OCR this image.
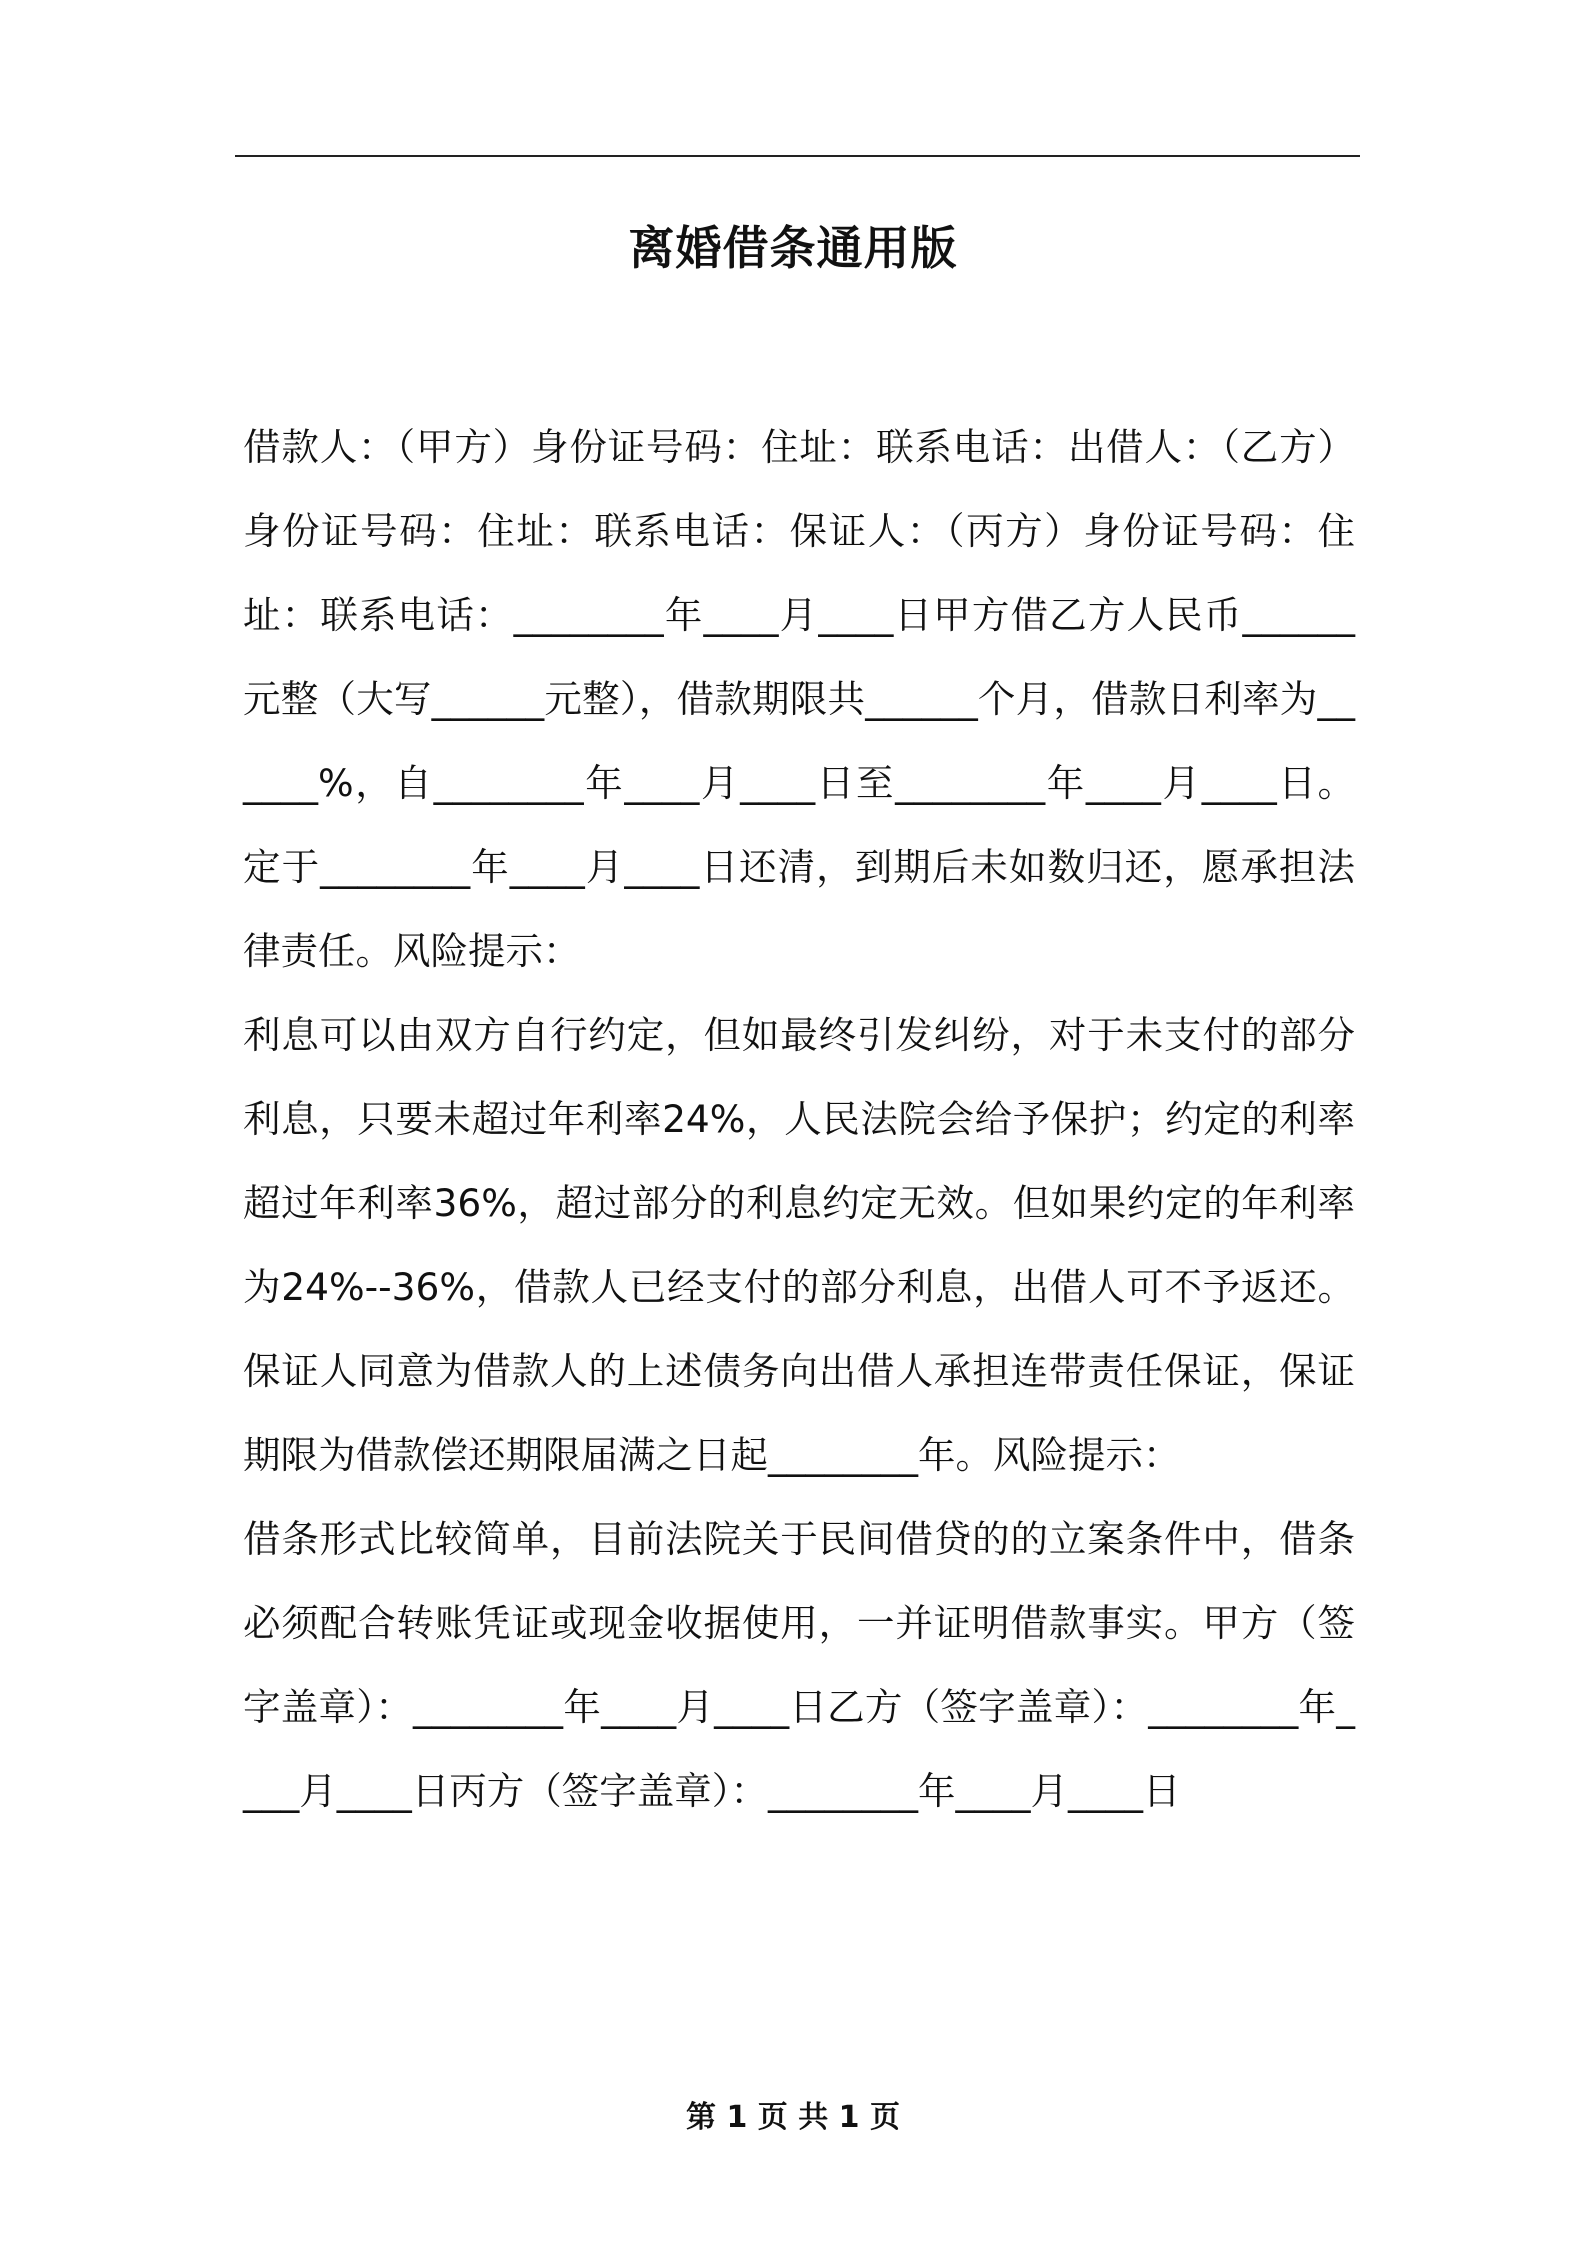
离婚借条通用版

借款人：（甲方）身份证号码：住址：联系电话：出借人：（乙方）身份证号码：住址：联系电话：保证人：（丙方）身份证号码：住址：联系电话：________年____月____日甲方借乙方人民币______元整（大写______元整），借款期限共______个月，借款日利率为______%，自________年____月____日至________年____月____日。定于________年____月____日还清，到期后未如数归还，愿承担法律责任。风险提示：

利息可以由双方自行约定，但如最终引发纠纷，对于未支付的部分利息，只要未超过年利率24%，人民法院会给予保护；约定的利率超过年利率36%，超过部分的利息约定无效。但如果约定的年利率为24%--36%，借款人已经支付的部分利息，出借人可不予返还。保证人同意为借款人的上述债务向出借人承担连带责任保证，保证期限为借款偿还期限届满之日起________年。风险提示：

借条形式比较简单，目前法院关于民间借贷的的立案条件中，借条必须配合转账凭证或现金收据使用，一并证明借款事实。甲方（签字盖章）：________年____月____日乙方（签字盖章）：________年____月____日丙方（签字盖章）：________年____月____日

第 1 页 共 1 页
